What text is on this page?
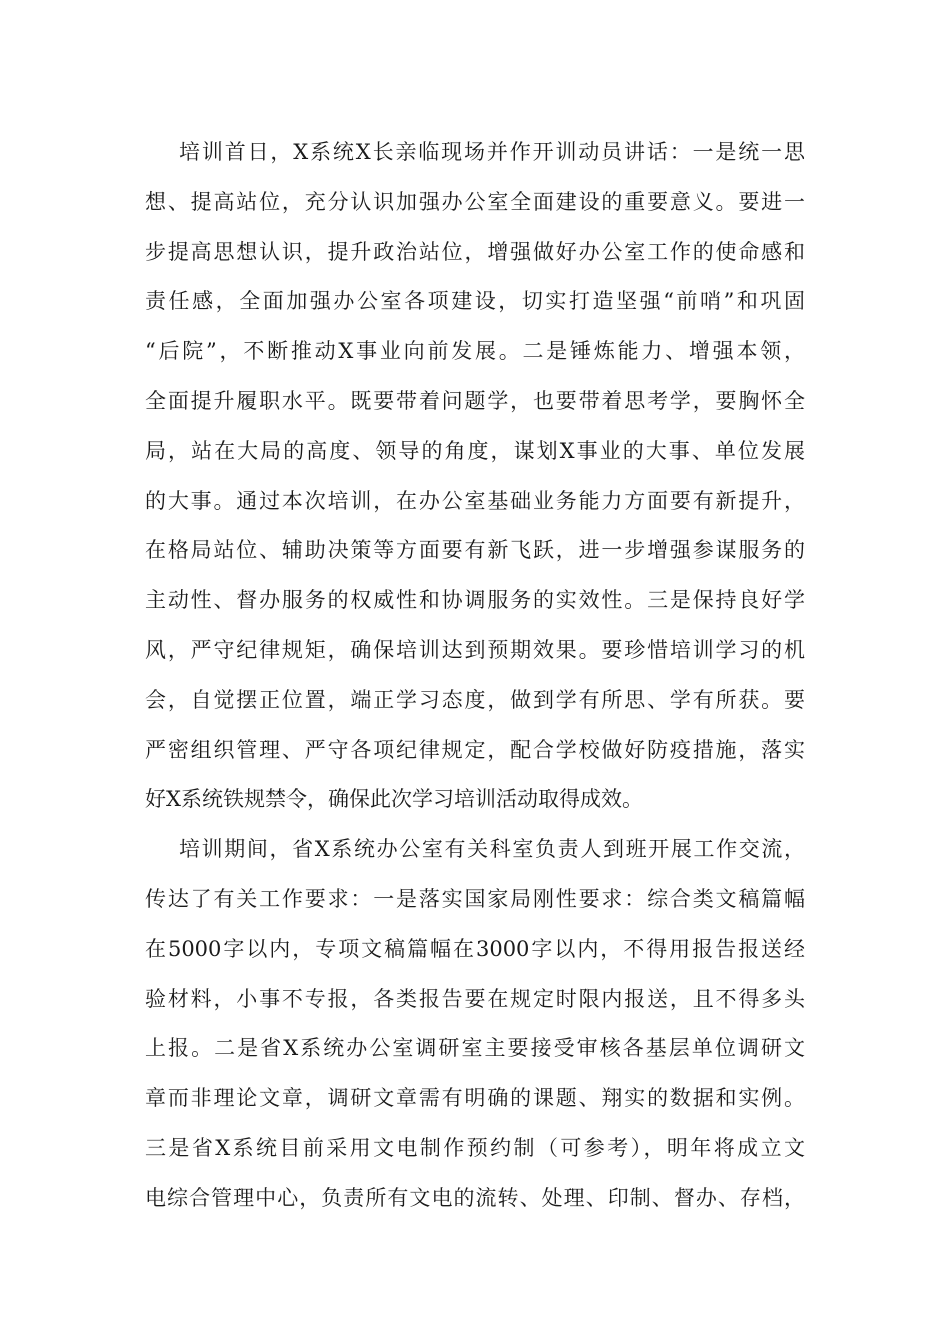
培训首日，X系统X长亲临现场并作开训动员讲话：一是统一思
想、提高站位，充分认识加强办公室全面建设的重要意义。要进一
步提高思想认识，提升政治站位，增强做好办公室工作的使命感和
责任感，全面加强办公室各项建设，切实打造坚强“前哨”和巩固
“后院”，不断推动X事业向前发展。二是锤炼能力、增强本领，
全面提升履职水平。既要带着问题学，也要带着思考学，要胸怀全
局，站在大局的高度、领导的角度，谋划X事业的大事、单位发展
的大事。通过本次培训，在办公室基础业务能力方面要有新提升，
在格局站位、辅助决策等方面要有新飞跃，进一步增强参谋服务的
主动性、督办服务的权威性和协调服务的实效性。三是保持良好学
风，严守纪律规矩，确保培训达到预期效果。要珍惜培训学习的机
会，自觉摆正位置，端正学习态度，做到学有所思、学有所获。要
严密组织管理、严守各项纪律规定，配合学校做好防疫措施，落实
好X系统铁规禁令，确保此次学习培训活动取得成效。
培训期间，省X系统办公室有关科室负责人到班开展工作交流，
传达了有关工作要求：一是落实国家局刚性要求：综合类文稿篇幅
在5000字以内，专项文稿篇幅在3000字以内，不得用报告报送经
验材料，小事不专报，各类报告要在规定时限内报送，且不得多头
上报。二是省X系统办公室调研室主要接受审核各基层单位调研文
章而非理论文章，调研文章需有明确的课题、翔实的数据和实例。
三是省X系统目前采用文电制作预约制（可参考），明年将成立文
电综合管理中心，负责所有文电的流转、处理、印制、督办、存档，
